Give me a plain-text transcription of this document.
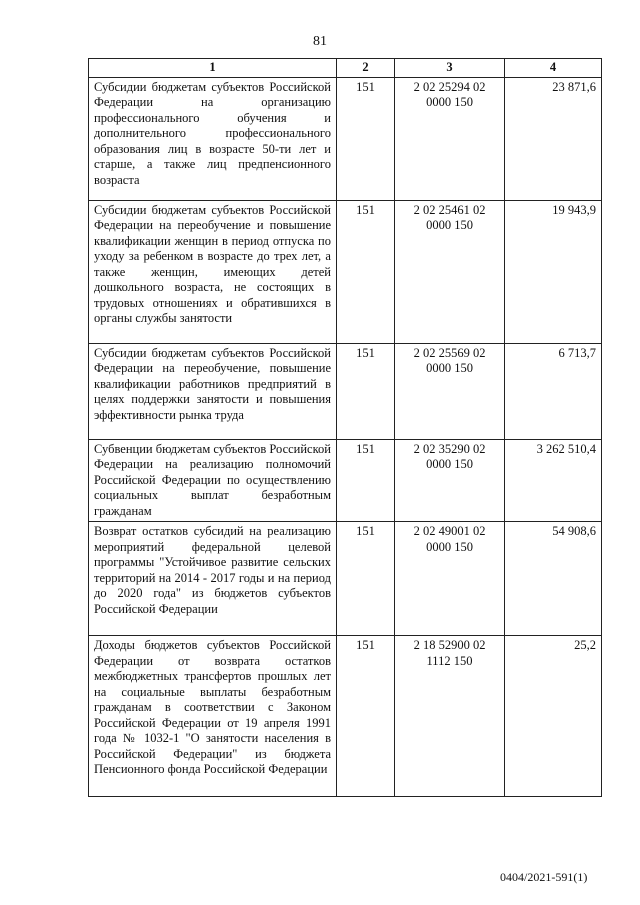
81
1	2	3	4
Субсидии бюджетам субъектов Российской Федерации на организацию профессионального обучения и дополнительного профессионального образования лиц в возрасте 50-ти лет и старше, а также лиц предпенсионного возраста	151	2 02 25294 02 0000 150	23 871,6
Субсидии бюджетам субъектов Российской Федерации на переобучение и повышение квалификации женщин в период отпуска по уходу за ребенком в возрасте до трех лет, а также женщин, имеющих детей дошкольного возраста, не состоящих в трудовых отношениях и обратившихся в органы службы занятости	151	2 02 25461 02 0000 150	19 943,9
Субсидии бюджетам субъектов Российской Федерации на переобучение, повышение квалификации работников предприятий в целях поддержки занятости и повышения эффективности рынка труда	151	2 02 25569 02 0000 150	6 713,7
Субвенции бюджетам субъектов Российской Федерации на реализацию полномочий Российской Федерации по осуществлению социальных выплат безработным гражданам	151	2 02 35290 02 0000 150	3 262 510,4
Возврат остатков субсидий на реализацию мероприятий федеральной целевой программы "Устойчивое развитие сельских территорий на 2014 - 2017 годы и на период до 2020 года" из бюджетов субъектов Российской Федерации	151	2 02 49001 02 0000 150	54 908,6
Доходы бюджетов субъектов Российской Федерации от возврата остатков межбюджетных трансфертов прошлых лет на социальные выплаты безработным гражданам в соответствии с Законом Российской Федерации от 19 апреля 1991 года № 1032-1 "О занятости населения в Российской Федерации" из бюджета Пенсионного фонда Российской Федерации	151	2 18 52900 02 1112 150	25,2
0404/2021-591(1)
